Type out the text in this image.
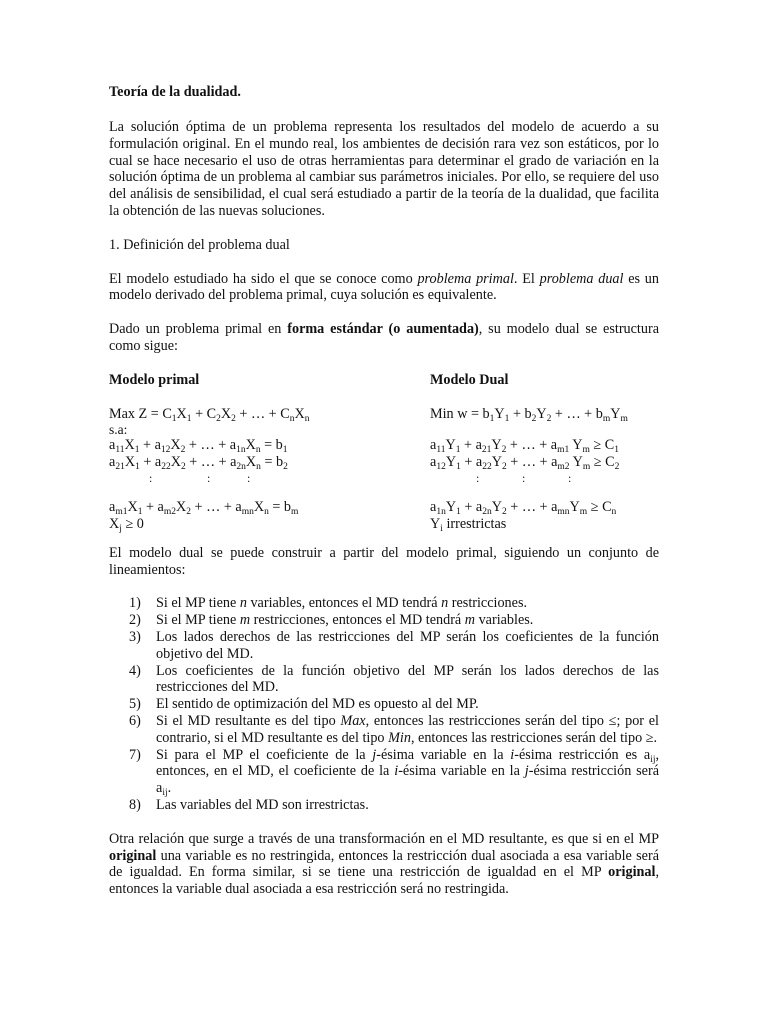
Teoría de la dualidad.

La solución óptima de un problema representa los resultados del modelo de acuerdo a su formulación original. En el mundo real, los ambientes de decisión rara vez son estáticos, por lo cual se hace necesario el uso de otras herramientas para determinar el grado de variación en la solución óptima de un problema al cambiar sus parámetros iniciales. Por ello, se requiere del uso del análisis de sensibilidad, el cual será estudiado a partir de la teoría de la dualidad, que facilita la obtención de las nuevas soluciones.

1. Definición del problema dual

El modelo estudiado ha sido el que se conoce como problema primal. El problema dual es un modelo derivado del problema primal, cuya solución es equivalente.

Dado un problema primal en forma estándar (o aumentada), su modelo dual se estructura como sigue:

Modelo primal
Max $Z = C_1X_1 + C_2X_2$ + … + $C_nX_n$
s.a:
$a_{11}X_1 + a_{12}X_2$ + … + $a_{1n}X_n = b_1$
$a_{21}X_1 + a_{22}X_2$ + … + $a_{2n}X_n = b_2$
:	:	:
$a_{m1}X_1 + a_{m2}X_2$ + … + $a_{mn}X_n = b_m$
$X_j \ge 0$
Modelo Dual
Min $w = b_1Y_1 + b_2Y_2$ + … + $b_mY_m$

$a_{11}Y_1 + a_{21}Y_2$ + … + $a_{m1}$ $Y_m \ge C_1$
$a_{12}Y_1 + a_{22}Y_2$ + … + $a_{m2}$ $Y_m \ge C_2$
:	:	:
$a_{1n}Y_1 + a_{2n}Y_2$ + … + $a_{mn}Y_m \ge C_n$
$Y_i$ irrestrictas

El modelo dual se puede construir a partir del modelo primal, siguiendo un conjunto de lineamientos:

1) Si el MP tiene n variables, entonces el MD tendrá n restricciones.
2) Si el MP tiene m restricciones, entonces el MD tendrá m variables.
3) Los lados derechos de las restricciones del MP serán los coeficientes de la función objetivo del MD.
4) Los coeficientes de la función objetivo del MP serán los lados derechos de las restricciones del MD.
5) El sentido de optimización del MD es opuesto al del MP.
6) Si el MD resultante es del tipo Max, entonces las restricciones serán del tipo ≤; por el contrario, si el MD resultante es del tipo Min, entonces las restricciones serán del tipo ≥.
7) Si para el MP el coeficiente de la j-ésima variable en la i-ésima restricción es $a_{ij}$, entonces, en el MD, el coeficiente de la i-ésima variable en la j-ésima restricción será $a_{ij}$.
8) Las variables del MD son irrestrictas.

Otra relación que surge a través de una transformación en el MD resultante, es que si en el MP original una variable es no restringida, entonces la restricción dual asociada a esa variable será de igualdad. En forma similar, si se tiene una restricción de igualdad en el MP original, entonces la variable dual asociada a esa restricción será no restringida.
